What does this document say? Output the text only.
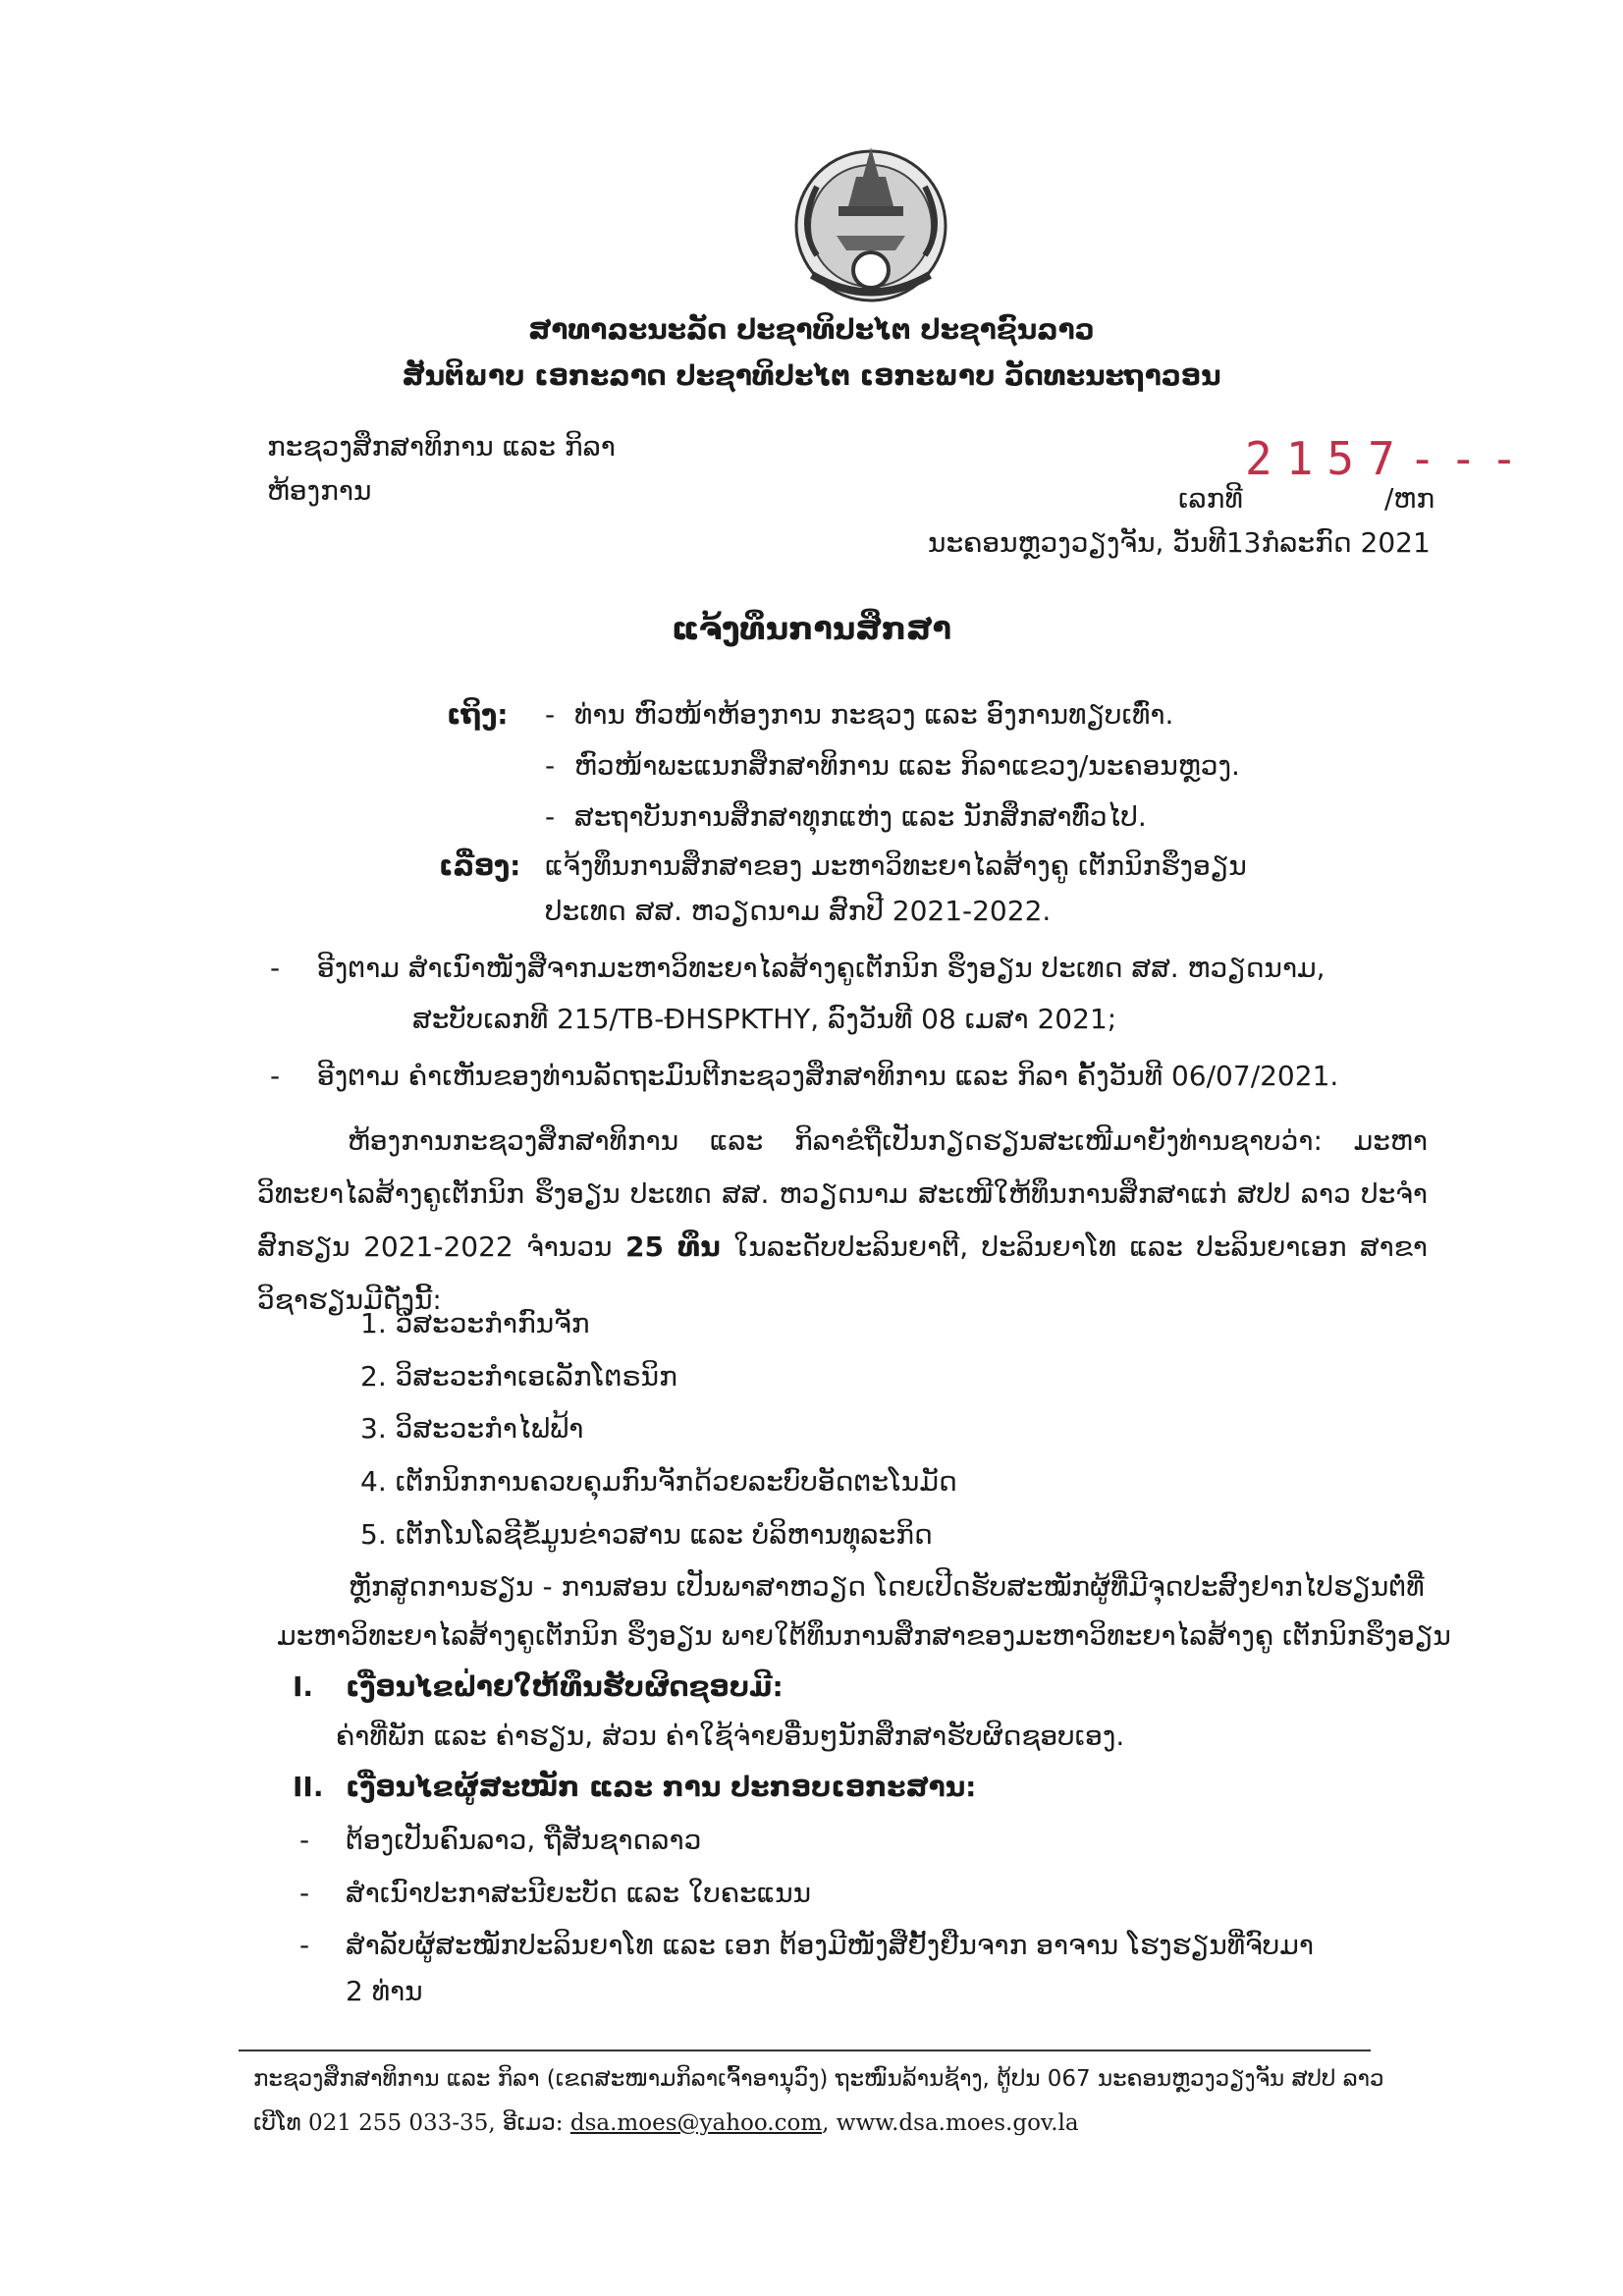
ສາທາລະນະລັດ ປະຊາທິປະໄຕ ປະຊາຊົນລາວ
ສັນຕິພາບ ເອກະລາດ ປະຊາທິປະໄຕ ເອກະພາບ ວັດທະນະຖາວອນ
ກະຊວງສຶກສາທິການ ແລະ ກິລາ
ຫ້ອງການ
2157---
ເລກທີ	/ຫກ
ນະຄອນຫຼວງວຽງຈັນ, ວັນທີ13ກໍລະກົດ 2021
ແຈ້ງທຶນການສຶກສາ
ເຖິງ: - ທ່ານ ຫົວໜ້າຫ້ອງການ ກະຊວງ ແລະ ອົງການທຽບເທົ່າ.
- ຫົວໜ້າພະແນກສຶກສາທິການ ແລະ ກິລາແຂວງ/ນະຄອນຫຼວງ.
- ສະຖາບັນການສຶກສາທຸກແຫ່ງ ແລະ ນັກສຶກສາທົ່ວໄປ.
ເລື່ອງ: ແຈ້ງທຶນການສຶກສາຂອງ ມະຫາວິທະຍາໄລສ້າງຄູ ເຕັກນິກຮຶງອຽນ
ປະເທດ ສສ. ຫວຽດນາມ ສົກປີ 2021-2022.
- ອີງຕາມ ສຳເນົາໜັງສືຈາກມະຫາວິທະຍາໄລສ້າງຄູເຕັກນິກ ຮຶງອຽນ ປະເທດ ສສ. ຫວຽດນາມ,
ສະບັບເລກທີ 215/TB-ĐHSPKTHY, ລົງວັນທີ 08 ເມສາ 2021;
- ອີງຕາມ ຄຳເຫັນຂອງທ່ານລັດຖະມົນຕີກະຊວງສຶກສາທິການ ແລະ ກິລາ ຄັ້ງວັນທີ 06/07/2021.
ຫ້ອງການກະຊວງສຶກສາທິການ ແລະ ກິລາຂໍຖືເປັນກຽດຮຽນສະເໜີມາຍັງທ່ານຊາບວ່າ: ມະຫາວິທະຍາໄລສ້າງຄູເຕັກນິກ ຮຶງອຽນ ປະເທດ ສສ. ຫວຽດນາມ ສະເໜີໃຫ້ທຶນການສຶກສາແກ່ ສປປ ລາວ ປະຈຳສົກຮຽນ 2021-2022 ຈຳນວນ 25 ທຶນ ໃນລະດັບປະລິນຍາຕີ, ປະລິນຍາໂທ ແລະ ປະລິນຍາເອກ ສາຂາວິຊາຮຽນມີດັ່ງນີ້:
1. ວິສະວະກຳກົນຈັກ
2. ວິສະວະກຳເອເລັກໂຕຣນິກ
3. ວິສະວະກຳໄຟຟ້າ
4. ເຕັກນິກການຄວບຄຸມກົນຈັກດ້ວຍລະບົບອັດຕະໂນມັດ
5. ເຕັກໂນໂລຊີຂໍ້ມູນຂ່າວສານ ແລະ ບໍລິຫານທຸລະກິດ
ຫຼັກສູດການຮຽນ - ການສອນ ເປັນພາສາຫວຽດ ໂດຍເປີດຮັບສະໝັກຜູ້ທີ່ມີຈຸດປະສົງຢາກໄປຮຽນຕໍ່ທີ່
ມະຫາວິທະຍາໄລສ້າງຄູເຕັກນິກ ຮຶງອຽນ ພາຍໃຕ້ທຶນການສຶກສາຂອງມະຫາວິທະຍາໄລສ້າງຄູ ເຕັກນິກຮຶງອຽນ
I. ເງື່ອນໄຂຝ່າຍໃຫ້ທຶນຮັບຜິດຊອບມີ:
ຄ່າທີ່ພັກ ແລະ ຄ່າຮຽນ, ສ່ວນ ຄ່າໃຊ້ຈ່າຍອື່ນໆນັກສຶກສາຮັບຜິດຊອບເອງ.
II. ເງື່ອນໄຂຜູ້ສະໝັກ ແລະ ການ ປະກອບເອກະສານ:
- ຕ້ອງເປັນຄົນລາວ, ຖືສັນຊາດລາວ
- ສຳເນົາປະກາສະນີຍະບັດ ແລະ ໃບຄະແນນ
- ສຳລັບຜູ້ສະໝັກປະລິນຍາໂທ ແລະ ເອກ ຕ້ອງມີໜັງສືຢັ້ງຢືນຈາກ ອາຈານ ໂຮງຮຽນທີ່ຈົບມາ
2 ທ່ານ
ກະຊວງສຶກສາທິການ ແລະ ກິລາ (ເຂດສະໜາມກິລາເຈົ້າອານຸວົງ) ຖະໜົນລ້ານຊ້າງ, ຕູ້ປນ 067 ນະຄອນຫຼວງວຽງຈັນ ສປປ ລາວ
ເບີໂທ 021 255 033-35, ອີເມວ: dsa.moes@yahoo.com, www.dsa.moes.gov.la
